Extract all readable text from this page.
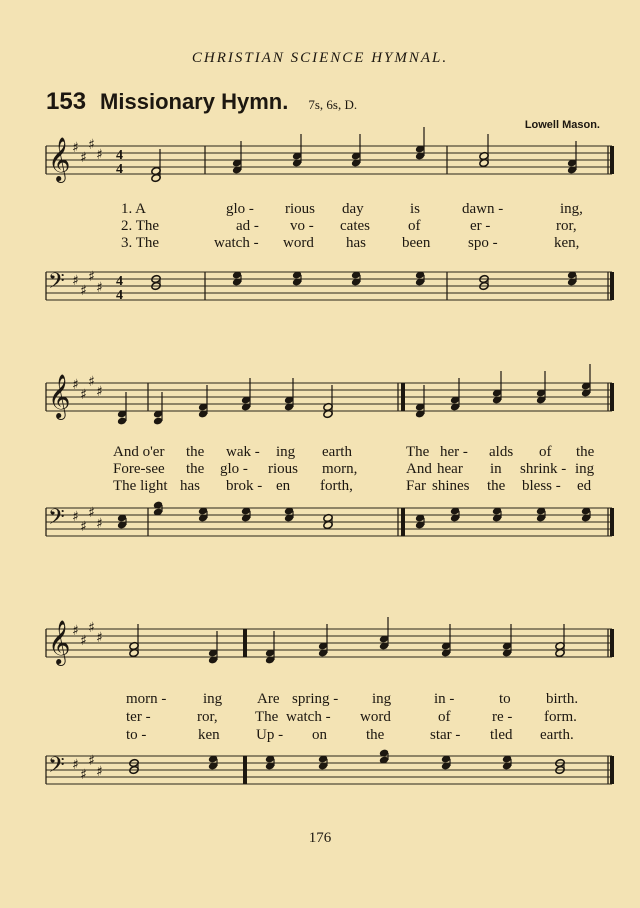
CHRISTIAN SCIENCE HYMNAL.
153 Missionary Hymn. 7s, 6s, D.
Lowell Mason.
𝄞 ♯
♯
♯
♯ 4
4
𝄢 ♯
♯
♯
♯ 4
4
𝄞 ♯
♯
♯
♯
𝄢 ♯
♯
♯
♯
𝄞 ♯
♯
♯
♯
𝄢 ♯
♯
♯
♯
1. A	glo - rious day	is	dawn -	ing,
2. The	ad - vo - cates	of	er -	ror,
3. The	watch - word has been	spo -	ken,
And o'er the wak - ing earth	The her - alds of the
Fore-see the glo - rious morn,	And hear in shrink - ing
The light has brok - en forth,	Far shines the bless - ed
morn - ing Are spring - ing	in -	to birth.
ter -	ror, The watch - word	of	re - form.
to -	ken Up - on	the	star - tled earth.
176
